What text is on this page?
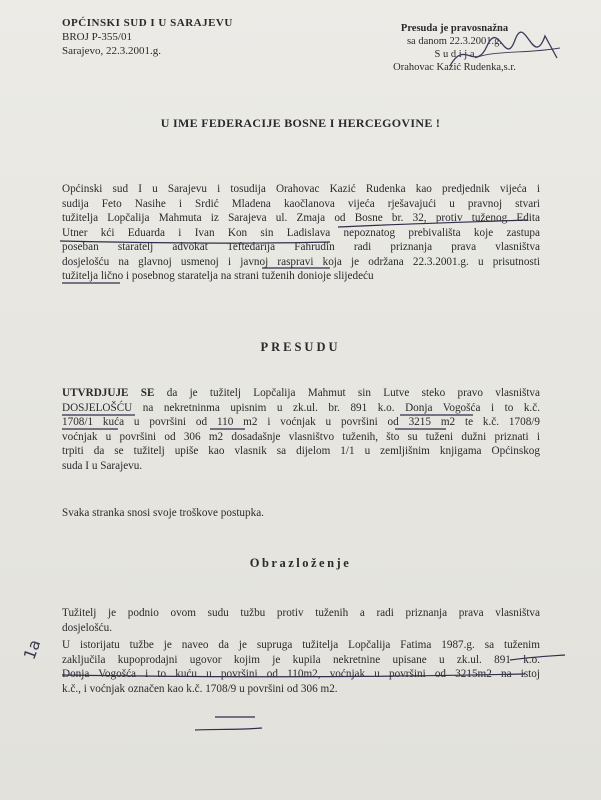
OPĆINSKI SUD I U SARAJEVU
BROJ P-355/01
Sarajevo, 22.3.2001.g.
Presuda je pravosnažna
sa danom 22.3.2001.g.
S u d i j a
Orahovac Kazić Rudenka,s.r.
U IME FEDERACIJE BOSNE I HERCEGOVINE !
Općinski sud I u Sarajevu i tosudija Orahovac Kazić Rudenka kao predjednik vijeća i
sudija Feto Nasihe i Srdić Mladena kaočlanova vijeća rješavajući u pravnoj stvari
tužitelja Lopčalija Mahmuta iz Sarajeva ul. Zmaja od Bosne br. 32, protiv tuženog Edita
Utner kći Eduarda i Ivan Kon sin Ladislava nepoznatog prebivališta koje zastupa
poseban staratelj advokat Teftedarija Fahrudin radi priznanja prava vlasništva
dosjelošću na glavnoj usmenoj i javnoj raspravi koja je održana 22.3.2001.g. u prisutnosti
tužitelja lično i posebnog staratelja na strani tuženih donioje slijedeću
PRESUDU
UTVRDJUJE SE da je tužitelj Lopčalija Mahmut sin Lutve steko pravo vlasništva
DOSJELOŠĆU na nekretninma upisnim u zk.ul. br. 891 k.o. Donja Vogošća i to k.č.
1708/1 kuća u površini od 110 m2 i voćnjak u površini od 3215 m2 te k.č. 1708/9
voćnjak u površini od 306 m2 dosadašnje vlasništvo tuženih, što su tuženi dužni priznati i
trpiti da se tužitelj upiše kao vlasnik sa dijelom 1/1 u zemljišnim knjigama Općinskog
suda I u Sarajevu.
Svaka stranka snosi svoje troškove postupka.
Obrazloženje
Tužitelj je podnio ovom sudu tužbu protiv tuženih a radi priznanja prava vlasništva
dosjelošću.
U istorijatu tužbe je naveo da je supruga tužitelja Lopčalija Fatima 1987.g. sa tuženim
zaključila kupoprodajni ugovor kojim je kupila nekretnine upisane u zk.ul. 891 k.o.
Donja Vogošća i to kuću u površini od 110m2, voćnjak u površini od 3215m2 na istoj
k.č., i voćnjak označen kao k.č. 1708/9 u površini od 306 m2.
1a
